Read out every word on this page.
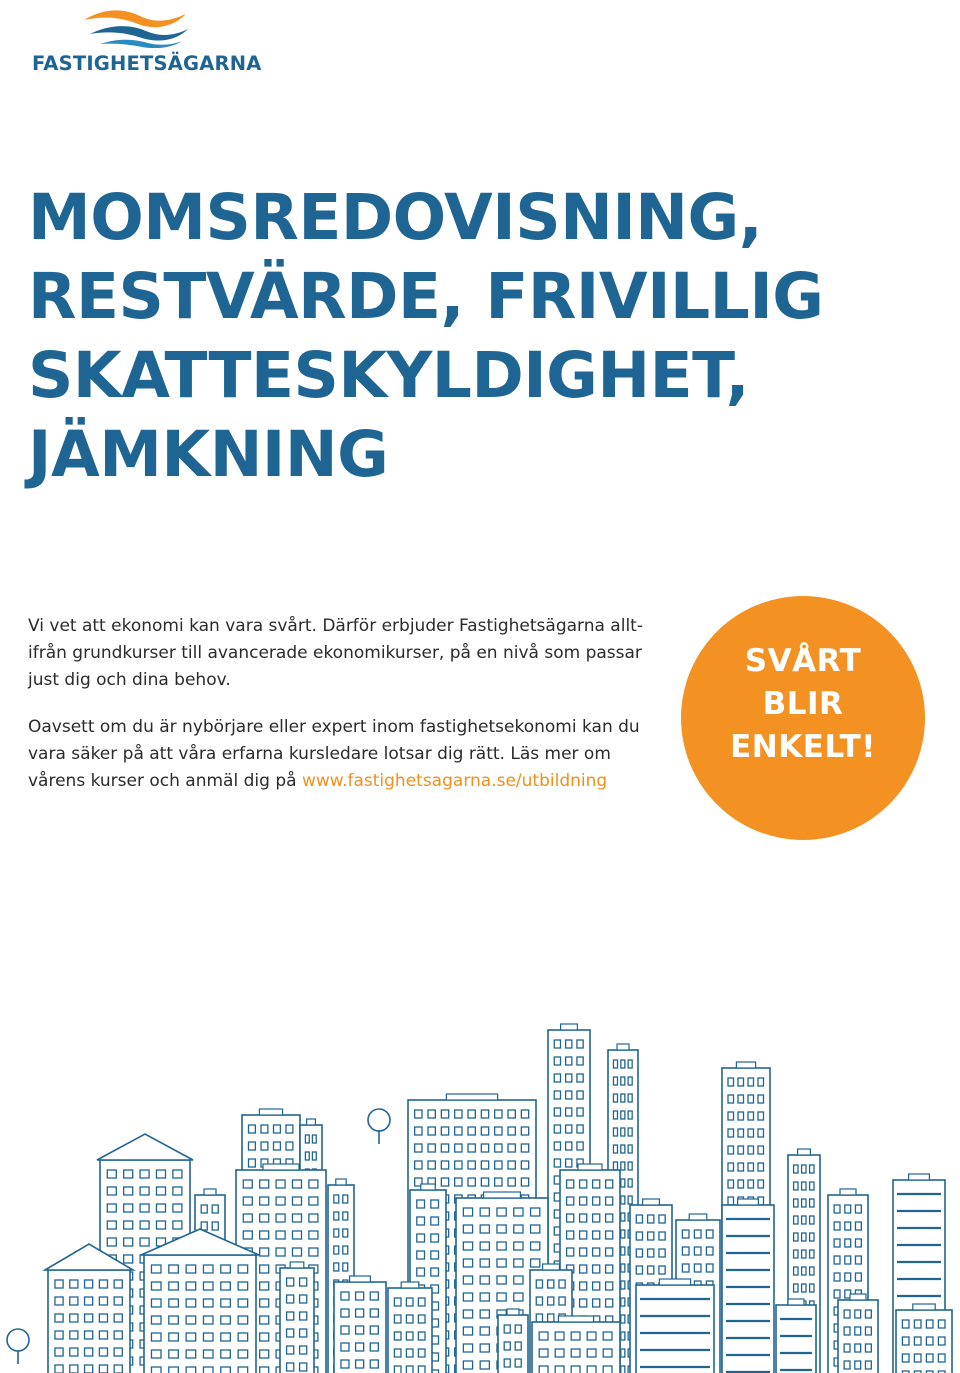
FASTIGHETSÄGARNA
MOMSREDOVISNING,
RESTVÄRDE, FRIVILLIG
SKATTESKYLDIGHET,
JÄMKNING

Vi vet att ekonomi kan vara svårt. Därför erbjuder Fastighetsägarna alltifrån grundkurser till avancerade ekonomikurser, på en nivå som passar just dig och dina behov.

Oavsett om du är nybörjare eller expert inom fastighetsekonomi kan du vara säker på att våra erfarna kursledare lotsar dig rätt. Läs mer om vårens kurser och anmäl dig på www.fastighetsagarna.se/utbildning

SVÅRT
BLIR
ENKELT!
